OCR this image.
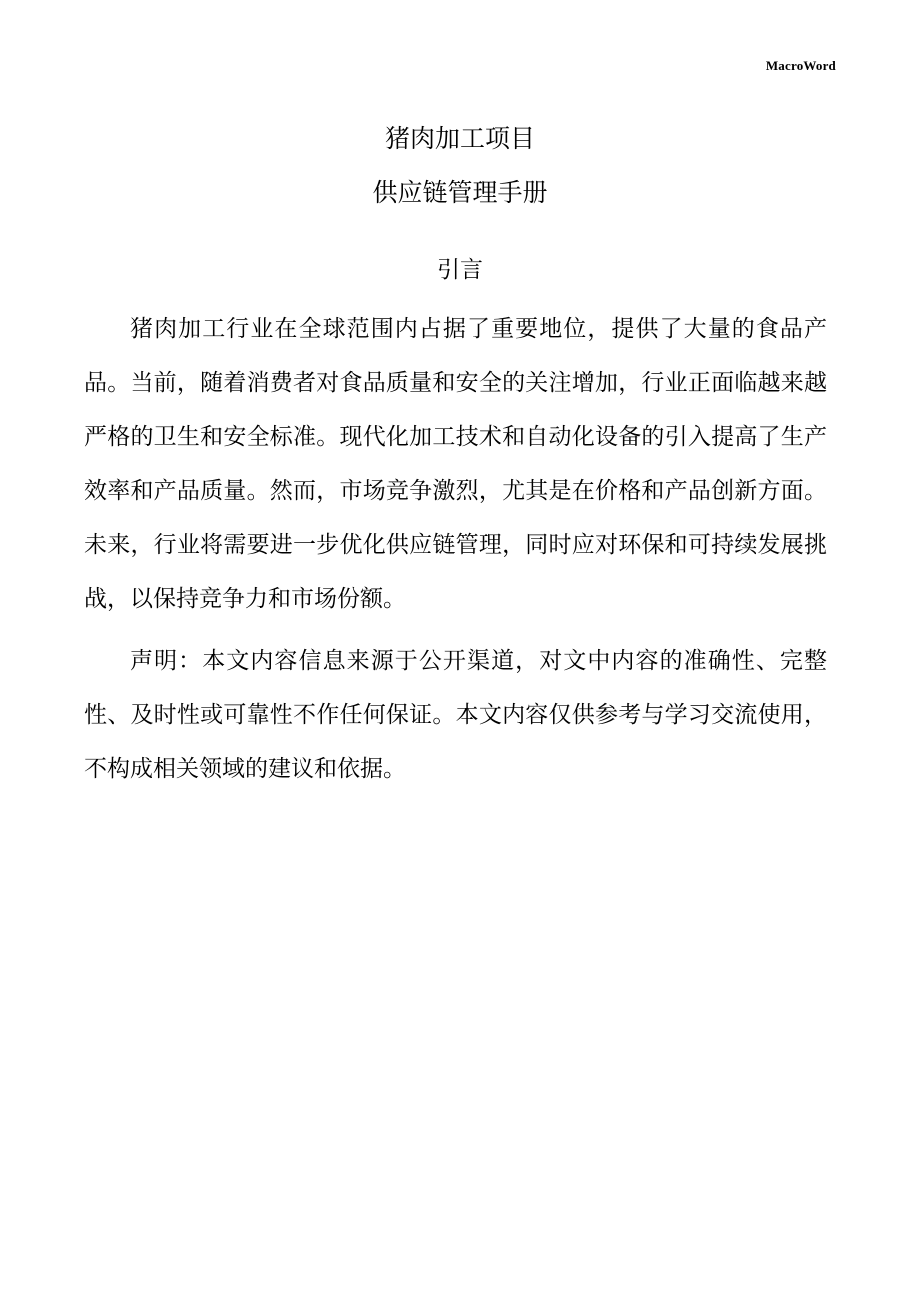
MacroWord
猪肉加工项目
供应链管理手册
引言

猪肉加工行业在全球范围内占据了重要地位，提供了大量的食品产品。当前，随着消费者对食品质量和安全的关注增加，行业正面临越来越严格的卫生和安全标准。现代化加工技术和自动化设备的引入提高了生产效率和产品质量。然而，市场竞争激烈，尤其是在价格和产品创新方面。未来，行业将需要进一步优化供应链管理，同时应对环保和可持续发展挑战，以保持竞争力和市场份额。

声明：本文内容信息来源于公开渠道，对文中内容的准确性、完整性、及时性或可靠性不作任何保证。本文内容仅供参考与学习交流使用，不构成相关领域的建议和依据。
